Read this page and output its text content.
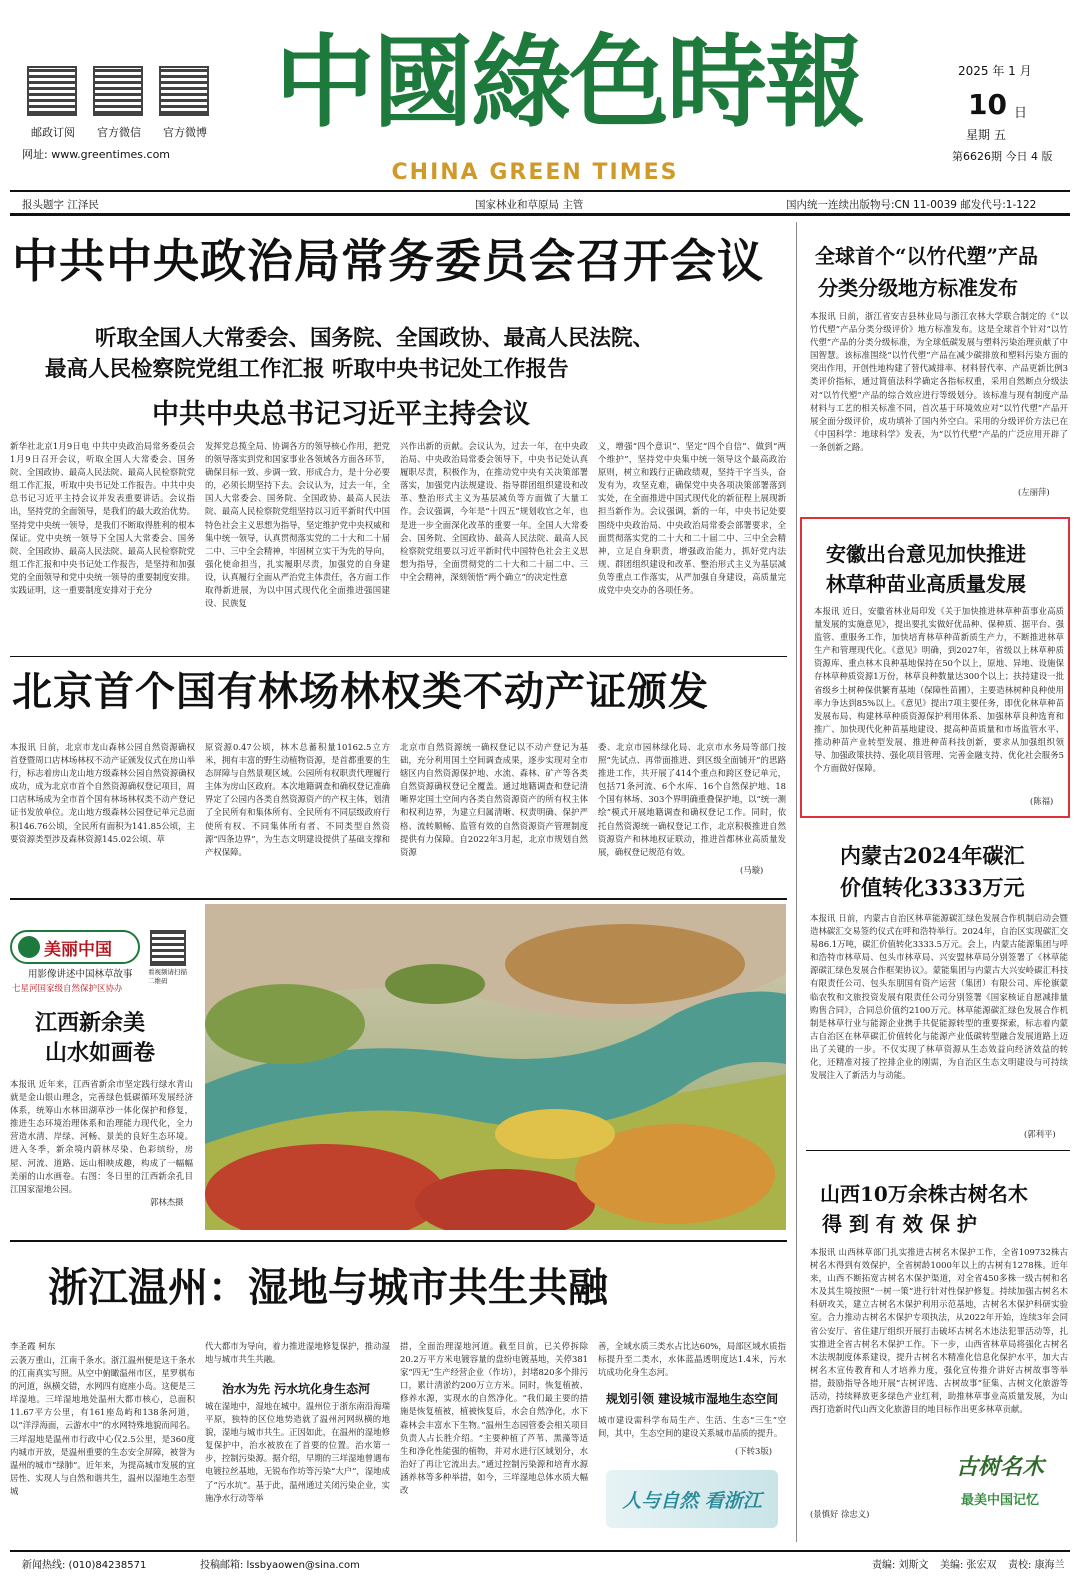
邮政订阅	官方微信	官方微博
网址: www.greentimes.com
中國綠色時報
CHINA GREEN TIMES
2025 年 1 月
10 日
星期 五
第6626期 今日 4 版
报头题字 江泽民	国家林业和草原局 主管	国内统一连续出版物号:CN 11-0039 邮发代号:1-122
中共中央政治局常务委员会召开会议
听取全国人大常委会、国务院、全国政协、最高人民法院、
最高人民检察院党组工作汇报 听取中央书记处工作报告
中共中央总书记习近平主持会议
新华社北京1月9日电 中共中央政治局常务委员会1月9日召开会议，听取全国人大常委会、国务院、全国政协、最高人民法院、最高人民检察院党组工作汇报，听取中央书记处工作报告。中共中央总书记习近平主持会议并发表重要讲话。会议指出，坚持党的全面领导，是我们的最大政治优势。坚持党中央统一领导，是我们不断取得胜利的根本保证。党中央统一领导下全国人大常委会、国务院、全国政协、最高人民法院、最高人民检察院党组工作汇报和中央书记处工作报告，是坚持和加强党的全面领导和党中央统一领导的重要制度安排。实践证明，这一重要制度安排对于充分
发挥党总揽全局、协调各方的领导核心作用，把党的领导落实到党和国家事业各领域各方面各环节，确保目标一致、步调一致、形成合力，是十分必要的，必须长期坚持下去。会议认为，过去一年，全国人大常委会、国务院、全国政协、最高人民法院、最高人民检察院党组坚持以习近平新时代中国特色社会主义思想为指导，坚定维护党中央权威和集中统一领导，认真贯彻落实党的二十大和二十届二中、三中全会精神，牢固树立实干为先的导向，强化使命担当，扎实履职尽责，加强党的自身建设，认真履行全面从严治党主体责任，各方面工作取得新进展，为以中国式现代化全面推进强国建设、民族复
兴作出新的贡献。会议认为，过去一年，在中央政治局、中央政治局常委会领导下，中央书记处认真履职尽责，积极作为，在推动党中央有关决策部署落实，加强党内法规建设、指导群团组织建设和改革、整治形式主义为基层减负等方面做了大量工作。会议强调，今年是“十四五”规划收官之年，也是进一步全面深化改革的重要一年。全国人大常委会、国务院、全国政协、最高人民法院、最高人民检察院党组要以习近平新时代中国特色社会主义思想为指导，全面贯彻党的二十大和二十届二中、三中全会精神，深刻领悟“两个确立”的决定性意
义，增强“四个意识”、坚定“四个自信”、做到“两个维护”，坚持党中央集中统一领导这个最高政治原则，树立和践行正确政绩观，坚持干字当头，奋发有为，攻坚克难，确保党中央各项决策部署落到实处，在全面推进中国式现代化的新征程上展现新担当新作为。会议强调，新的一年，中央书记处要围绕中央政治局、中央政治局常委会部署要求，全面贯彻落实党的二十大和二十届二中、三中全会精神，立足自身职责，增强政治能力，抓好党内法规、群团组织建设和改革、整治形式主义为基层减负等重点工作落实，从严加强自身建设，高质量完成党中央交办的各项任务。
北京首个国有林场林权类不动产证颁发
本报讯 日前，北京市龙山森林公园自然资源确权首登暨周口店林场林权不动产证颁发仪式在房山举行，标志着房山龙山地方级森林公园自然资源确权成功，成为北京市首个自然资源确权登记项目，周口店林场成为全市首个国有林场林权类不动产登记证书发放单位。龙山地方级森林公园登记单元总面积146.76公顷，全民所有面积为141.85公顷，主要资源类型涉及森林资源145.02公顷、草
原资源0.47公顷，林木总蓄积量10162.5立方米，拥有丰富的野生动植物资源，是首都重要的生态屏障与自然景观区域。公园所有权职责代理履行主体为房山区政府。本次地籍调查和确权登记准确界定了公园内各类自然资源资产的产权主体，划清了全民所有和集体所有、全民所有不同层级政府行使所有权、不同集体所有者、不同类型自然资源“四条边界”，为生态文明建设提供了基础支撑和产权保障。
北京市自然资源统一确权登记以不动产登记为基础，充分利用国土空间调查成果，逐步实现对全市辖区内自然资源保护地、水流、森林、矿产等各类自然资源确权登记全覆盖。通过地籍调查和登记清晰界定国土空间内各类自然资源资产的所有权主体和权利边界，为建立归属清晰、权责明确、保护严格、流转顺畅、监管有效的自然资源资产管理制度提供有力保障。自2022年3月起，北京市规划自然资源
委、北京市园林绿化局、北京市水务局等部门按照“先试点、再带面推进、到区级全面铺开”的思路推进工作，共开展了414个重点和跨区登记单元，包括71条河流、6个水库、16个自然保护地、18个国有林场、303个界明确重叠保护地，以“统一测绘”模式开展地籍调查和确权登记工作。同时，依托自然资源统一确权登记工作，北京积极推进自然资源资产和林地权证联动，推进首都林业高质量发展，确权登记规范有效。
(马璇)
美丽中国
用影像讲述中国林草故事 看视频请扫描二维码
七星河国家级自然保护区协办
江西新余美
山水如画卷
本报讯 近年来，江西省新余市坚定践行绿水青山就是金山银山理念，完善绿色低碳循环发展经济体系，统筹山水林田湖草沙一体化保护和修复，推进生态环境治理体系和治理能力现代化，全力营造水清、岸绿、河畅、景美的良好生态环境。进入冬季，新余境内蔚林尽染、色彩缤纷，房屋、河流、道路、远山相映成趣，构成了一幅幅美丽的山水画卷。右图：冬日里的江西新余孔目江国家湿地公园。
郭林杰摄
浙江温州：湿地与城市共生共融
李圣霞 柯东
云袭万重山，江南千条水。浙江温州便是这千条水的江南真实写照。从空中俯瞰温州市区，星罗棋布的河道，纵横交错，水网四有庭座小岛。这便是三垟湿地。三垟湿地地处温州大都市核心，总面积11.67平方公里，有161座岛屿和138条河道，以“洋浮海面，云游水中”的水网特殊地貌而闻名。三垟湿地是温州市行政中心仅2.5公里，是360度内城市开放，是温州重要的生态安全屏障，被誉为温州的城市“绿肺”。近年来，为提高城市发展的宜居性、实现人与自然和谐共生，温州以湿地生态型城
代大都市为导向，着力推进湿地修复保护，推动湿地与城市共生共融。
治水为先 污水坑化身生态河
城在湿地中，湿地在城中。温州位于浙东南沿海瑞平原，独特的区位地势造就了温州河网纵横的地貌，湿地与城市共生。正因如此，在温州的湿地修复保护中，治水被放在了首要的位置。治水第一步，控制污染源。据介绍，早期的三垟湿地曾遇布电镀拉丝基地，无锐布作坊等污染“大户”，湿地成了“污水坑”。基于此，温州通过关闭污染企业，实施净水行动等举
措，全面治理湿地河道。截至目前，已关停拆除20.2万平方米电镀容量的盘纷电镀基地，关停381家“四无”生产经营企业（作坊），封堵820多个排污口，累计清淤约200万立方米。同时，恢复植被、修养水源，实现水的自然净化。“我们最主要的措施是恢复植被，植被恢复后，水会自然净化，水下森林会丰富水下生物。”温州生态园管委会相关项目负责人占长胜介绍。“主要种植了芦苇、黑藻等适生和净化性能强的植物，并对水进行区域划分，水治好了再让它流出去。”通过控制污染源和培育水源涵养林等多种举措，如今，三垟湿地总体水质大幅改
善，全域水质三类水占比达60%，局部区域水质指标提升至二类水，水体蓝晶透明度达1.4米，污水坑成功化身生态河。
规划引领 建设城市湿地生态空间
城市建设需科学布局生产、生活、生态“三生”空间，其中，生态空间的建设关系城市品质的提升。
(下转3版)
人与自然 看浙江
全球首个“以竹代塑”产品
分类分级地方标准发布
本报讯 日前，浙江省安吉县林业局与浙江农林大学联合制定的《“以竹代塑”产品分类分级评价》地方标准发布。这是全球首个针对“以竹代塑”产品的分类分级标准，为全球低碳发展与塑料污染治理贡献了中国智慧。该标准围绕“以竹代塑”产品在减少碳排放和塑料污染方面的突出作用，开创性地构建了替代减排率、材料替代率、产品更新比例3类评价指标，通过简值法科学确定各指标权重，采用自然断点分级法对“以竹代塑”产品的综合效应进行等级划分。该标准与现有制度产品材料与工艺的相关标准不同，首次基于环境效应对“以竹代塑”产品开展全面分级评价，成功填补了国内外空白。采用的分级评价方法已在《中国科学：地球科学》发表，为“以竹代塑”产品的广泛应用开辟了一条创新之路。
(左丽萍)
安徽出台意见加快推进
林草种苗业高质量发展
本报讯 近日，安徽省林业局印发《关于加快推进林草种苗事业高质量发展的实施意见》，提出要扎实做好优品种、保种质、据平台、强监管、重服务工作，加快培育林草种苗新质生产力，不断推进林草生产和管理现代化。《意见》明确，到2027年，省级以上林草种质资源库、重点林木良种基地保持在50个以上，原地、异地、设施保存林草种质资源1万份，林草良种数量达300个以上；扶持建设一批省级乡土树种保供繁育基地（保障性苗圃），主要造林树种良种使用率力争达到85%以上。《意见》提出7项主要任务，即优化林草种苗发展布局、构建林草种质资源保护利用体系、加强林草良种选育和推广、加快现代化种苗基地建设、提高种苗质量和市场监管水平、推动种苗产业转型发展、推进种苗科技创新，要求从加强组织领导、加强政策扶持、强化项目管理、完善金融支持、优化社会服务5个方面做好保障。
(陈福)
内蒙古2024年碳汇
价值转化3333万元
本报讯 日前，内蒙古自治区林草能源碳汇绿色发展合作机制启动会暨造林碳汇交易签约仪式在呼和浩特举行。2024年，自治区实现碳汇交易86.1万吨，碳汇价值转化3333.5万元。会上，内蒙古能源集团与呼和浩特市林草局、包头市林草局、兴安盟林草局分别签署了《林草能源碳汇绿色发展合作框架协议》。蒙能集团与内蒙古大兴安岭碳汇科技有限责任公司、包头东朋国有资产运营（集团）有限公司、库伦旗蒙临农牧和文旅投资发展有限责任公司分别签署《国家核证自愿减排量购售合同》，合同总价值约2100万元。林草能源碳汇绿色发展合作机制是林草行业与能源企业携手共促能源转型的重要探索，标志着内蒙古自治区在林草碳汇价值转化与能源产业低碳转型融合发展道路上迈出了关键的一步。不仅实现了林草资源从生态效益向经济效益的转化，还精准对接了控排企业的刚需，为自治区生态文明建设与可持续发展注入了新活力与动能。
(郭利平)
山西10万余株古树名木
得 到 有 效 保 护
本报讯 山西林草部门扎实推进古树名木保护工作，全省109732株古树名木得到有效保护，全省树龄1000年以上的古树有1278株。近年来，山西不断拓宽古树名木保护渠道，对全省450多株一级古树和名木及其生境按照“一树一策”进行针对性保护修复。持续加强古树名木科研攻关，建立古树名木保护利用示范基地，古树名木保护科研实验室。合力推动古树名木保护专项执法，从2022年开始，连续3年会同省公安厅、省住建厅组织开展打击破坏古树名木违法犯罪活动等，扎实推进全省古树名木保护工作。下一步，山西省林草局将强化古树名木法规制度体系建设，提升古树名木精准化信息化保护水平，加大古树名木宣传教育和人才培养力度，强化宣传推介讲好古树故事等举措，鼓励指导各地开展“古树评选、古树故事”征集、古树文化旅游等活动，持续释放更多绿色产业红利，助推林草事业高质量发展，为山西打造新时代山西文化旅游目的地目标作出更多林草贡献。
(景慎好 徐忠义)
古树名木
最美中国记忆
新闻热线: (010)84238571	投稿邮箱: lssbyaowen@sina.com	责编: 刘斯文 美编: 张宏双 责校: 康海兰
